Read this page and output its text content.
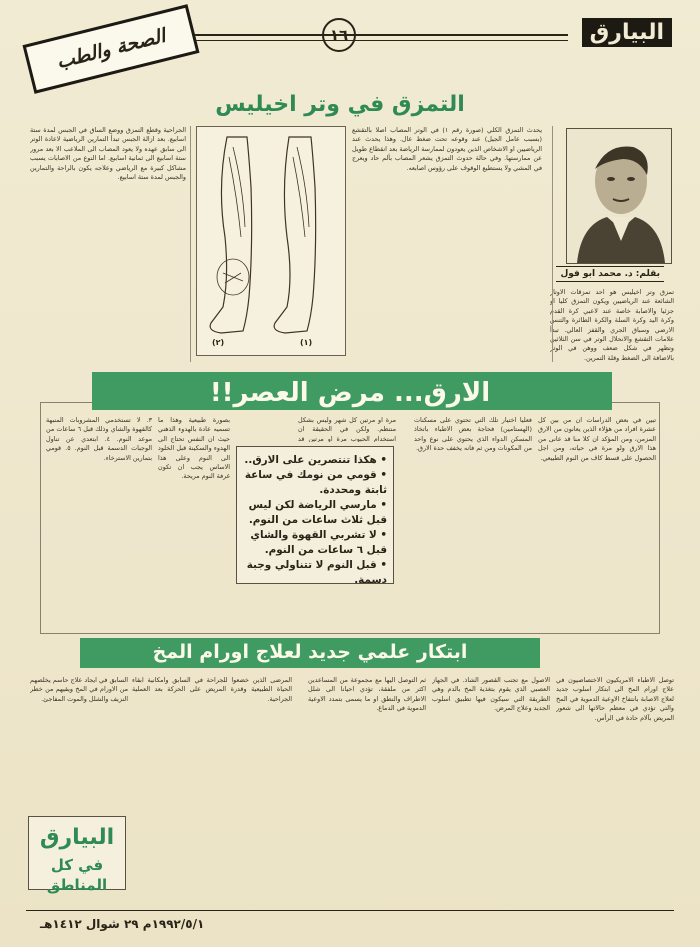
١٦	البيارق
الصحة والطب
التمزق في وتر اخيليس
بقلم: د. محمد ابو فول
تمزق وتر اخيليس هو احد تمزقات الاوتار الشائعة عند الرياضيين ويكون التمزق كليا او جزئيا والاصابة خاصة عند لاعبي كرة القدم وكرة اليد وكرة السلة والكرة الطائرة والتنس الارضي وسباق الجري والقفز العالي. تبدأ علامات التقشع والانحلال الوتر في سن الثلاثين وتظهر في شكل ضعف ووهن في الوتر بالاضافة الى الضغط وقلة التمرين.
يحدث التمزق الكلي (صورة رقم ١) في الوتر المصاب اصلا بالتقشع (بسبب عامل الجيل) عند وقوعه تحت ضغط عال. وهذا يحدث عند الرياضيين او الاشخاص الذين يعودون لممارسة الرياضة بعد انقطاع طويل عن ممارستها. وفي حالة حدوث التمزق يشعر المصاب بألم حاد ويعرج في المشي ولا يستطيع الوقوف على رؤوس اصابعه.
(٢)	(١)
الجراحية وقطع التمزق ووضع الساق في الجبس لمدة ستة اسابيع. بعد ازالة الجبس تبدأ التمارين الرياضية لاعادة الوتر الى سابق عهده ولا يعود المصاب الى الملاعب الا بعد مرور ستة اسابيع الى ثمانية اسابيع. اما النوع من الاصابات يسبب مشاكل كبيرة مع الرياضي وعلاجه يكون بالراحة والتمارين والجبس لمدة ستة اسابيع.
الارق... مرض العصر!!
تبين في بعض الدراسات ان من بين كل عشرة افراد من هؤلاء الذين يعانون من الارق المزمن، ومن المؤكد ان كلا منا قد عانى من هذا الارق ولو مرة في حياته، ومن اجل الحصول على قسط كاف من النوم الطبيعي.
فعليا اختيار تلك التي تحتوي على مسكنات (الهستامين) فحاجة بعض الاطباء باتخاذ المسكن الدواء الذي يحتوي على نوع واحد من المكونات ومن ثم فانه يخفف حدة الارق.
مرة او مرتين كل شهر وليس بشكل منتظم. ولكن في الحقيقة ان استخدام الحبوب مرة او مرتين قد
• هكذا تنتصرين على الارق..
• قومي من نومك في ساعة ثابتة ومحددة.
• مارسي الرياضة لكن ليس قبل ثلاث ساعات من النوم.
• لا تشربي القهوة والشاي قبل ٦ ساعات من النوم.
• قبل النوم لا تتناولي وجبة دسمة.
بصورة طبيعية وهذا ما تسميه عادة بالهدوء الذهني حيث ان النفس تحتاج الى الهدوء والسكينة قبل الخلود الى النوم وعلى هذا الاساس يجب ان تكون غرفة النوم مريحة.
٣. لا تستخدمي المشروبات المنبهة كالقهوة والشاي وذلك قبل ٦ ساعات من موعد النوم. ٤. ابتعدي عن تناول الوجبات الدسمة قبل النوم. ٥. قومي بتمارين الاسترخاء.
ابتكار علمي جديد لعلاج اورام المخ
توصل الاطباء الامريكيون الاختصاصيون في علاج اورام المخ الى ابتكار اسلوب جديد لعلاج الاصابة بانتفاخ الاوعية الدموية في المخ والتي تؤدي في معظم حالاتها الى شعور المريض بآلام حادة في الرأس.
الاصول مع تجنب القصور الشاذ. في الجهاز العصبي الذي يقوم بتغذية المخ بالدم وهي الطريقة التي سيكون فيها تطبيق اسلوب الجديد وعلاج المرض.
ثم التوصل اليها مع مجموعة من المساعدين اكثر من ملفقة، تؤدي احيانا الى شلل الاطراف والنطق او ما يسمى بتمدد الاوعية الدموية في الدماغ.
المرضى الذين خضعوا للجراحة في السابق وامكانية ابقاء الحياة الطبيعية وقدرة المريض على الحركة بعد العملية الجراحية.
السابق في ايجاد علاج حاسم يخلصهم من الاورام في المخ ويقيهم من خطر النزيف والشلل والموت المفاجئ.
البيارق
في كل المناطق
١٩٩٢/٥/١م ٢٩ شوال ١٤١٢هـ
